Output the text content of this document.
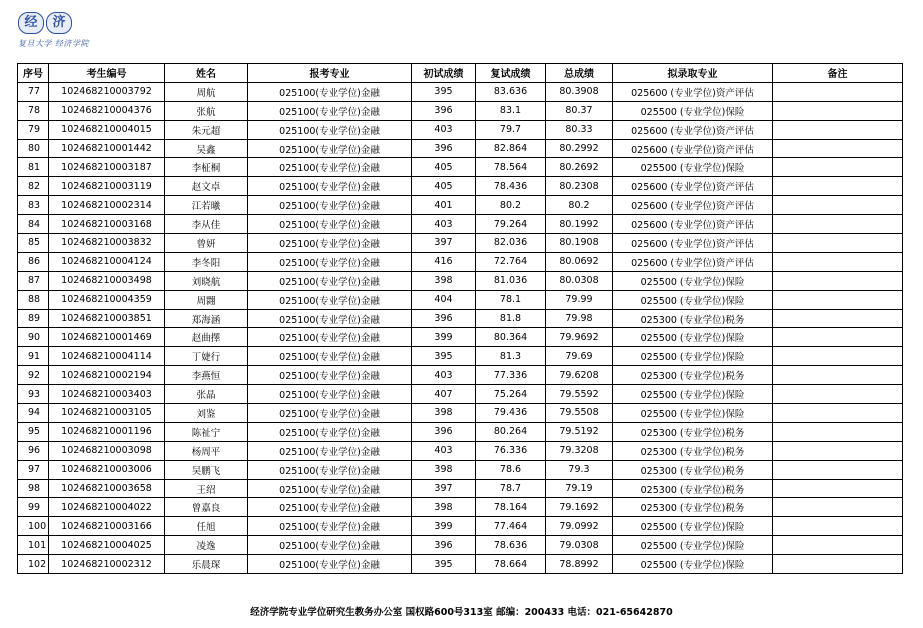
经	济
复旦大学 经济学院
序号	考生编号	姓名	报考专业	初试成绩	复试成绩	总成绩	拟录取专业	备注
77	102468210003792	周航	025100(专业学位)金融	395	83.636	80.3908	025600 (专业学位)资产评估	
78	102468210004376	张航	025100(专业学位)金融	396	83.1	80.37	025500 (专业学位)保险	
79	102468210004015	朱元超	025100(专业学位)金融	403	79.7	80.33	025600 (专业学位)资产评估	
80	102468210001442	吴鑫	025100(专业学位)金融	396	82.864	80.2992	025600 (专业学位)资产评估	
81	102468210003187	李柾桐	025100(专业学位)金融	405	78.564	80.2692	025500 (专业学位)保险	
82	102468210003119	赵文卓	025100(专业学位)金融	405	78.436	80.2308	025600 (专业学位)资产评估	
83	102468210002314	江若曦	025100(专业学位)金融	401	80.2	80.2	025600 (专业学位)资产评估	
84	102468210003168	李从佳	025100(专业学位)金融	403	79.264	80.1992	025600 (专业学位)资产评估	
85	102468210003832	曾妍	025100(专业学位)金融	397	82.036	80.1908	025600 (专业学位)资产评估	
86	102468210004124	李冬阳	025100(专业学位)金融	416	72.764	80.0692	025600 (专业学位)资产评估	
87	102468210003498	刘晓航	025100(专业学位)金融	398	81.036	80.0308	025500 (专业学位)保险	
88	102468210004359	周翾	025100(专业学位)金融	404	78.1	79.99	025500 (专业学位)保险	
89	102468210003851	郑海涵	025100(专业学位)金融	396	81.8	79.98	025300 (专业学位)税务	
90	102468210001469	赵曲擇	025100(专业学位)金融	399	80.364	79.9692	025500 (专业学位)保险	
91	102468210004114	丁婕行	025100(专业学位)金融	395	81.3	79.69	025500 (专业学位)保险	
92	102468210002194	李燕恒	025100(专业学位)金融	403	77.336	79.6208	025300 (专业学位)税务	
93	102468210003403	张晶	025100(专业学位)金融	407	75.264	79.5592	025500 (专业学位)保险	
94	102468210003105	刘鉴	025100(专业学位)金融	398	79.436	79.5508	025500 (专业学位)保险	
95	102468210001196	陈祉宁	025100(专业学位)金融	396	80.264	79.5192	025300 (专业学位)税务	
96	102468210003098	杨周平	025100(专业学位)金融	403	76.336	79.3208	025300 (专业学位)税务	
97	102468210003006	吴鹏飞	025100(专业学位)金融	398	78.6	79.3	025300 (专业学位)税务	
98	102468210003658	王绍	025100(专业学位)金融	397	78.7	79.19	025300 (专业学位)税务	
99	102468210004022	曾嘉良	025100(专业学位)金融	398	78.164	79.1692	025300 (专业学位)税务	
100	102468210003166	任旭	025100(专业学位)金融	399	77.464	79.0992	025500 (专业学位)保险	
101	102468210004025	凌逸	025100(专业学位)金融	396	78.636	79.0308	025500 (专业学位)保险	
102	102468210002312	乐晨琛	025100(专业学位)金融	395	78.664	78.8992	025500 (专业学位)保险	
经济学院专业学位研究生教务办公室 国权路600号313室 邮编：200433 电话：021-65642870
